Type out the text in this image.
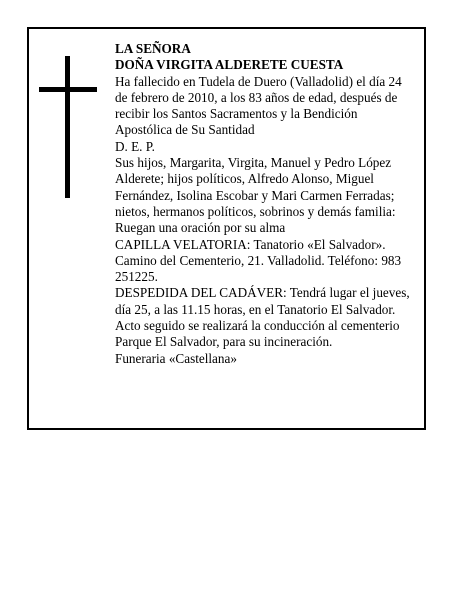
LA SEÑORA

DOÑA VIRGITA ALDERETE CUESTA

Ha fallecido en Tudela de Duero (Valladolid) el día 24 de febrero de 2010, a los 83 años de edad, después de recibir los Santos Sacramentos y la Bendición Apostólica de Su Santidad

D. E. P.

Sus hijos, Margarita, Virgita, Manuel y Pedro López Alderete; hijos políticos, Alfredo Alonso, Miguel Fernández, Isolina Escobar y Mari Carmen Ferradas; nietos, hermanos políticos, sobrinos y demás familia:

Ruegan una oración por su alma

CAPILLA VELATORIA: Tanatorio «El Salvador». Camino del Cementerio, 21. Valladolid. Teléfono: 983 251225.

DESPEDIDA DEL CADÁVER: Tendrá lugar el jueves, día 25, a las 11.15 horas, en el Tanatorio El Salvador. Acto seguido se realizará la conducción al cementerio Parque El Salvador, para su incineración.

Funeraria «Castellana»
